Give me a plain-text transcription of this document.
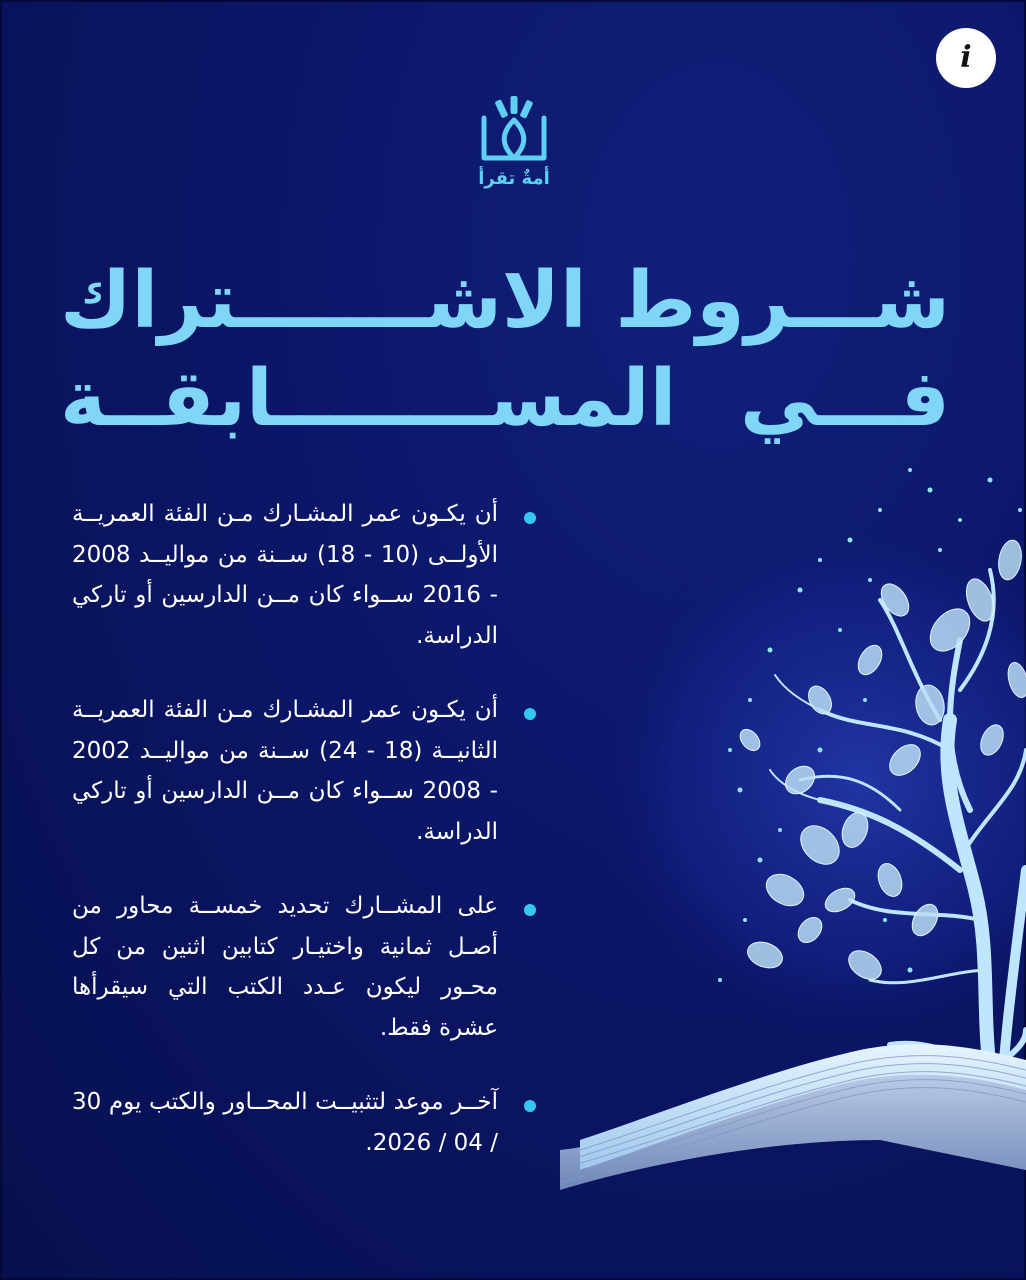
i
أمةٌ تقرأ
شـــروط الاشـــــــتراك
فـــي المســــــــابقــة
أن يكـون عمر المشـارك مـن الفئة العمريــة الأولــى (10 - 18) ســنة من مواليــد 2008 - 2016 ســواء كان مــن الدارسين أو تاركي الدراسة.
أن يكـون عمر المشـارك مـن الفئة العمريــة الثانيــة (18 - 24) ســنة من مواليــد 2002 - 2008 ســواء كان مــن الدارسين أو تاركي الدراسة.
على المشــارك تحديد خمســة محاور من أصـل ثمانية واختيـار كتابين اثنين من كل محـور ليكون عـدد الكتب التي سيقرأها عشرة فقط.
آخــر موعد لتثبيــت المحــاور والكتب يوم 30 / 04 / 2026.
